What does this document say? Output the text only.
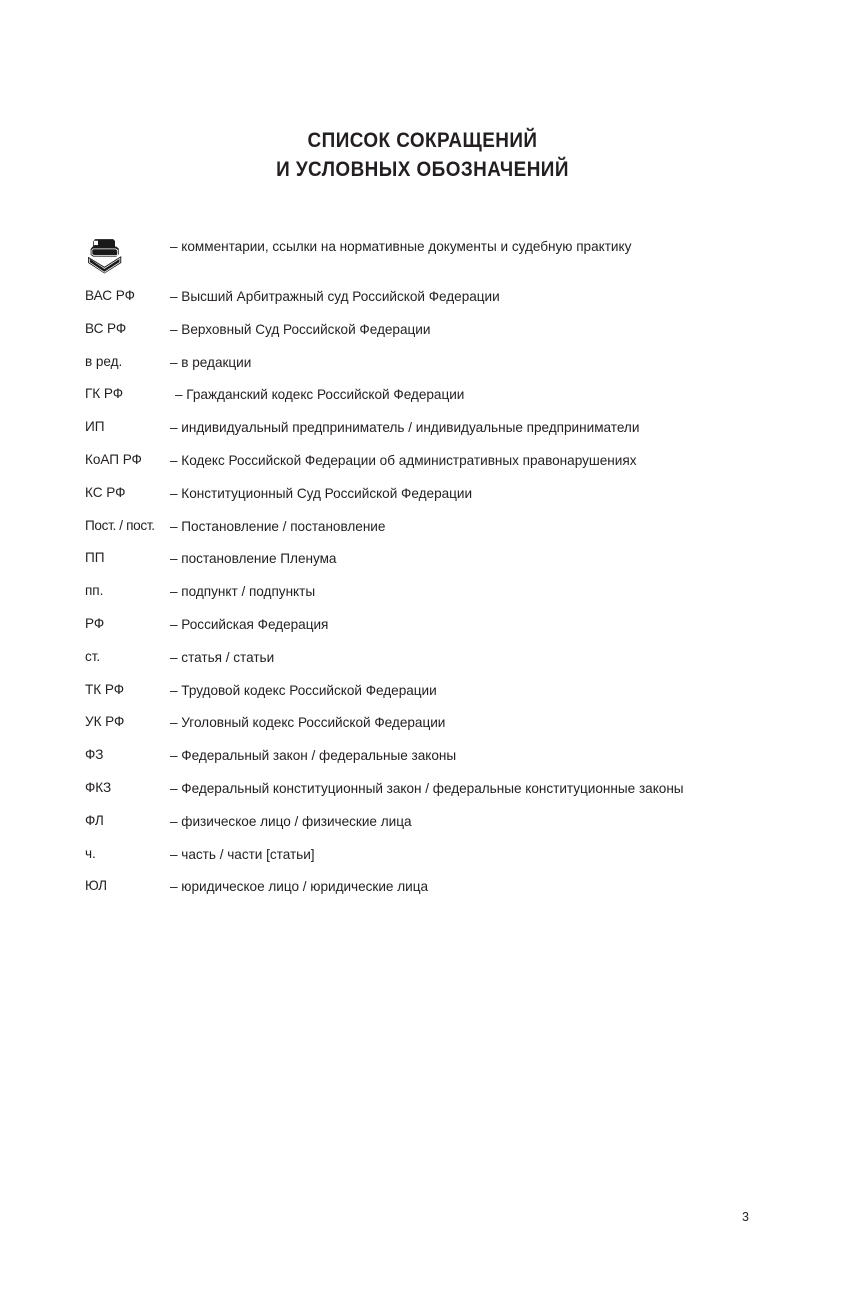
СПИСОК СОКРАЩЕНИЙ
И УСЛОВНЫХ ОБОЗНАЧЕНИЙ
– комментарии, ссылки на нормативные документы и судебную практику
ВАС РФ	– Высший Арбитражный суд Российской Федерации
ВС РФ	– Верховный Суд Российской Федерации
в ред.	– в редакции
ГК РФ	– Гражданский кодекс Российской Федерации
ИП	– индивидуальный предприниматель / индивидуальные предприниматели
КоАП РФ	– Кодекс Российской Федерации об административных правонарушениях
КС РФ	– Конституционный Суд Российской Федерации
Пост. / пост.	– Постановление / постановление
ПП	– постановление Пленума
пп.	– подпункт / подпункты
РФ	– Российская Федерация
ст.	– статья / статьи
ТК РФ	– Трудовой кодекс Российской Федерации
УК РФ	– Уголовный кодекс Российской Федерации
ФЗ	– Федеральный закон / федеральные законы
ФКЗ	– Федеральный конституционный закон / федеральные конституционные законы
ФЛ	– физическое лицо / физические лица
ч.	– часть / части [статьи]
ЮЛ	– юридическое лицо / юридические лица
3
